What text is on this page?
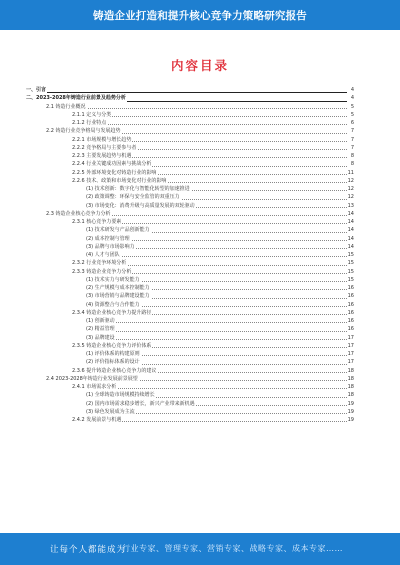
铸造企业打造和提升核心竞争力策略研究报告
内容目录
一、引言	4
二、2023-2028年铸造行业前景及趋势分析	4
2.1 铸造行业概况	5
2.1.1 定义与分类	5
2.1.2 行业特点	6
2.2 铸造行业竞争格局与发展趋势	7
2.2.1 市场规模与增长趋势	7
2.2.2 竞争格局与主要参与者	7
2.2.3 主要发展趋势与机遇	8
2.2.4 行业关键成功因素与挑战分析	8
2.2.5 外部环境变化对铸造行业的影响	11
2.2.6 技术、政策和市场变化对行业的影响	12
(1) 技术创新：数字化与智能化转型的加速推进	12
(2) 政策调整：环保与安全监管的双重压力	12
(3) 市场变化：消费升级与高质量发展的双轮驱动	13
2.3 铸造企业核心竞争力分析	14
2.3.1 核心竞争力要素	14
(1) 技术研发与产品创新能力	14
(2) 成本控制与管理	14
(3) 品牌与市场影响力	14
(4) 人才与团队	15
2.3.2 行业竞争环境分析	15
2.3.3 铸造企业竞争力分析	15
(1) 技术实力与研发能力	15
(2) 生产规模与成本控制能力	16
(3) 市场营销与品牌建设能力	16
(4) 资源整合与合作能力	16
2.3.4 铸造企业核心竞争力提升路径	16
(1) 创新驱动	16
(2) 精益管理	16
(3) 品牌建设	17
2.3.5 铸造企业核心竞争力评价体系	17
(1) 评价体系的构建原则	17
(2) 评价指标体系的设计	17
2.3.6 提升铸造企业核心竞争力的建议	18
2.4 2023-2028年铸造行业发展前景展望	18
2.4.1 市场需求分析	18
(1) 全球铸造市场规模持续增长	18
(2) 国内市场需求稳步增长，新兴产业带来新机遇	19
(3) 绿色发展成为主流	19
2.4.2 发展前景与机遇	19
让每个人都能成为
行业专家、管理专家、营销专家、战略专家、成本专家……
